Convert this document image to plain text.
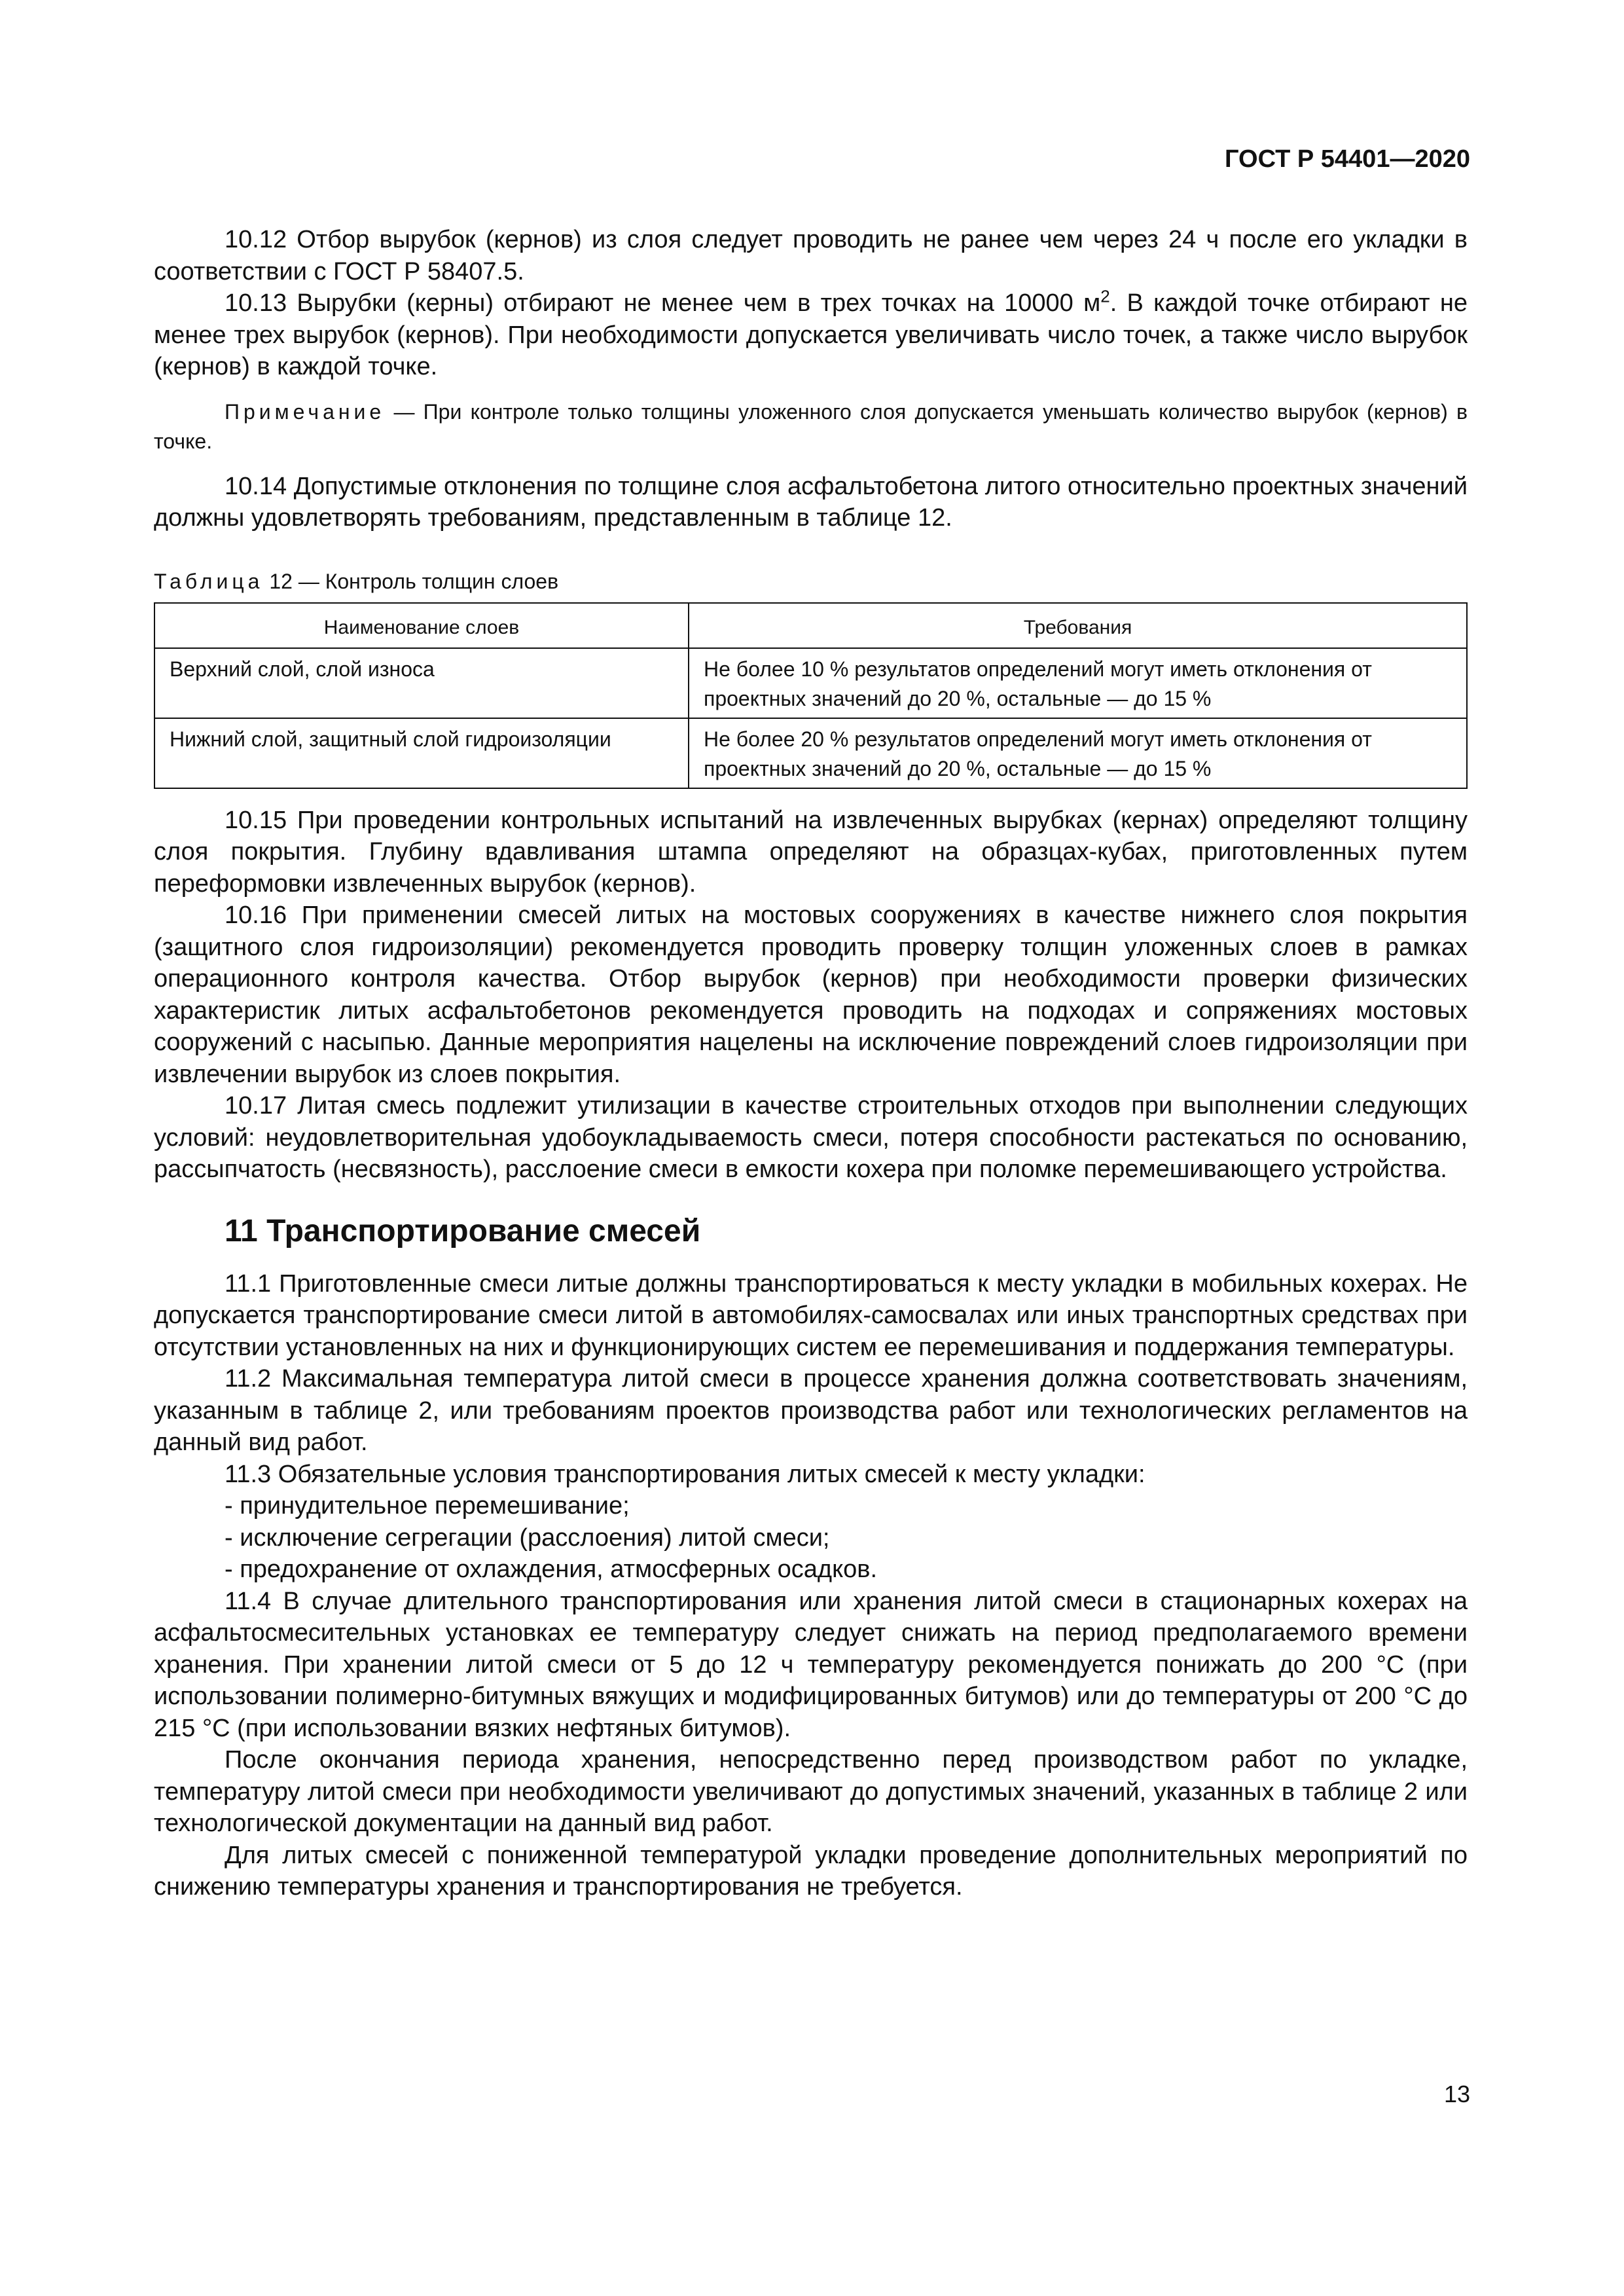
ГОСТ Р 54401—2020

10.12 Отбор вырубок (кернов) из слоя следует проводить не ранее чем через 24 ч после его укладки в соответствии с ГОСТ Р 58407.5.

10.13 Вырубки (керны) отбирают не менее чем в трех точках на 10000 $м^2$. В каждой точке отбирают не менее трех вырубок (кернов). При необходимости допускается увеличивать число точек, а также число вырубок (кернов) в каждой точке.

Примечание — При контроле только толщины уложенного слоя допускается уменьшать количество вырубок (кернов) в точке.

10.14 Допустимые отклонения по толщине слоя асфальтобетона литого относительно проектных значений должны удовлетворять требованиям, представленным в таблице 12.

Таблица 12 — Контроль толщин слоев

Наименование слоев	Требования
Верхний слой, слой износа	Не более 10 % результатов определений могут иметь отклонения от проектных значений до 20 %, остальные — до 15 %
Нижний слой, защитный слой гидроизоляции	Не более 20 % результатов определений могут иметь отклонения от проектных значений до 20 %, остальные — до 15 %

10.15 При проведении контрольных испытаний на извлеченных вырубках (кернах) определяют толщину слоя покрытия. Глубину вдавливания штампа определяют на образцах-кубах, приготовленных путем переформовки извлеченных вырубок (кернов).

10.16 При применении смесей литых на мостовых сооружениях в качестве нижнего слоя покрытия (защитного слоя гидроизоляции) рекомендуется проводить проверку толщин уложенных слоев в рамках операционного контроля качества. Отбор вырубок (кернов) при необходимости проверки физических характеристик литых асфальтобетонов рекомендуется проводить на подходах и сопряжениях мостовых сооружений с насыпью. Данные мероприятия нацелены на исключение повреждений слоев гидроизоляции при извлечении вырубок из слоев покрытия.

10.17 Литая смесь подлежит утилизации в качестве строительных отходов при выполнении следующих условий: неудовлетворительная удобоукладываемость смеси, потеря способности растекаться по основанию, рассыпчатость (несвязность), расслоение смеси в емкости кохера при поломке перемешивающего устройства.

11 Транспортирование смесей

11.1 Приготовленные смеси литые должны транспортироваться к месту укладки в мобильных кохерах. Не допускается транспортирование смеси литой в автомобилях-самосвалах или иных транспортных средствах при отсутствии установленных на них и функционирующих систем ее перемешивания и поддержания температуры.

11.2 Максимальная температура литой смеси в процессе хранения должна соответствовать значениям, указанным в таблице 2, или требованиям проектов производства работ или технологических регламентов на данный вид работ.

11.3 Обязательные условия транспортирования литых смесей к месту укладки:

- принудительное перемешивание;

- исключение сегрегации (расслоения) литой смеси;

- предохранение от охлаждения, атмосферных осадков.

11.4 В случае длительного транспортирования или хранения литой смеси в стационарных кохерах на асфальтосмесительных установках ее температуру следует снижать на период предполагаемого времени хранения. При хранении литой смеси от 5 до 12 ч температуру рекомендуется понижать до 200 °С (при использовании полимерно-битумных вяжущих и модифицированных битумов) или до температуры от 200 °С до 215 °С (при использовании вязких нефтяных битумов).

После окончания периода хранения, непосредственно перед производством работ по укладке, температуру литой смеси при необходимости увеличивают до допустимых значений, указанных в таблице 2 или технологической документации на данный вид работ.

Для литых смесей с пониженной температурой укладки проведение дополнительных мероприятий по снижению температуры хранения и транспортирования не требуется.

13
